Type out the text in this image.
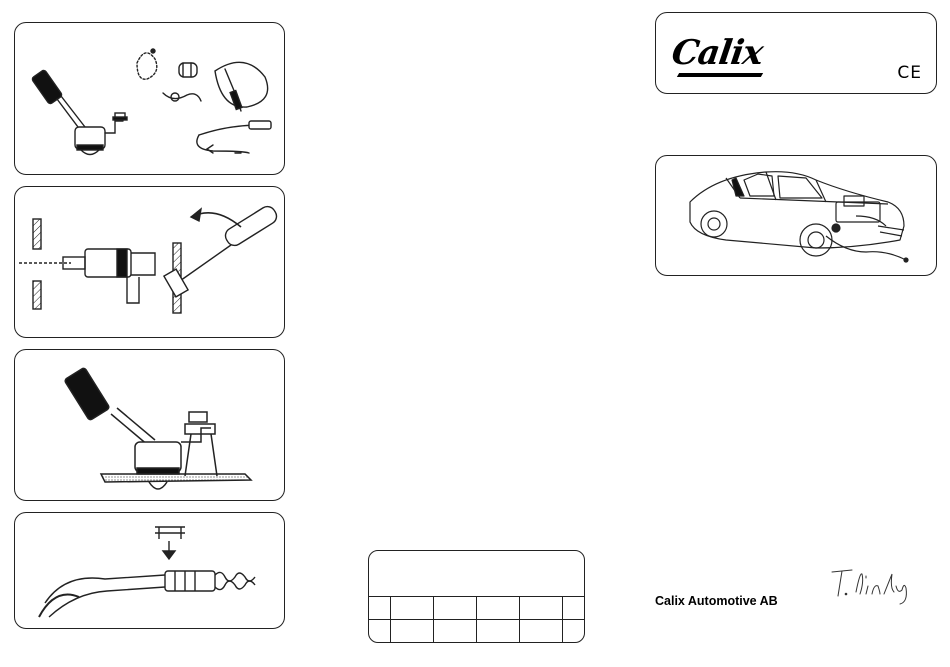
Calix	CE
Calix Automotive AB
